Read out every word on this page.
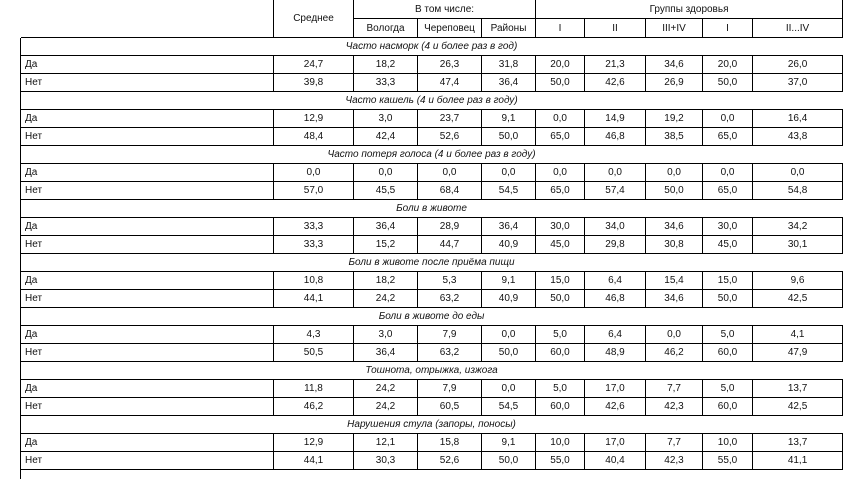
	Среднее	В том числе:			Группы здоровья				
		Вологда	Череповец	Районы	I	II	III+IV	I	II...IV
Часто насморк (4 и более раз в год)									
Да	24,7	18,2	26,3	31,8	20,0	21,3	34,6	20,0	26,0
Нет	39,8	33,3	47,4	36,4	50,0	42,6	26,9	50,0	37,0
Часто кашель (4 и более раз в году)									
Да	12,9	3,0	23,7	9,1	0,0	14,9	19,2	0,0	16,4
Нет	48,4	42,4	52,6	50,0	65,0	46,8	38,5	65,0	43,8
Часто потеря голоса (4 и более раз в году)									
Да	0,0	0,0	0,0	0,0	0,0	0,0	0,0	0,0	0,0
Нет	57,0	45,5	68,4	54,5	65,0	57,4	50,0	65,0	54,8
Боли в животе									
Да	33,3	36,4	28,9	36,4	30,0	34,0	34,6	30,0	34,2
Нет	33,3	15,2	44,7	40,9	45,0	29,8	30,8	45,0	30,1
Боли в животе после приёма пищи									
Да	10,8	18,2	5,3	9,1	15,0	6,4	15,4	15,0	9,6
Нет	44,1	24,2	63,2	40,9	50,0	46,8	34,6	50,0	42,5
Боли в животе до еды									
Да	4,3	3,0	7,9	0,0	5,0	6,4	0,0	5,0	4,1
Нет	50,5	36,4	63,2	50,0	60,0	48,9	46,2	60,0	47,9
Тошнота, отрыжка, изжога									
Да	11,8	24,2	7,9	0,0	5,0	17,0	7,7	5,0	13,7
Нет	46,2	24,2	60,5	54,5	60,0	42,6	42,3	60,0	42,5
Нарушения стула (запоры, поносы)									
Да	12,9	12,1	15,8	9,1	10,0	17,0	7,7	10,0	13,7
Нет	44,1	30,3	52,6	50,0	55,0	40,4	42,3	55,0	41,1
